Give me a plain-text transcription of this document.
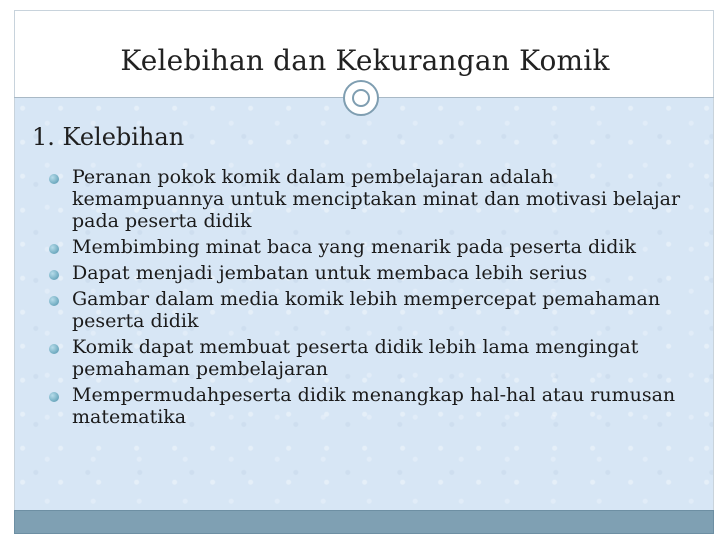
Kelebihan dan Kekurangan Komik
1. Kelebihan
Peranan pokok komik dalam pembelajaran adalah kemampuannya untuk menciptakan minat dan motivasi belajar pada peserta didik
Membimbing minat baca yang menarik pada peserta didik
Dapat menjadi jembatan untuk membaca lebih serius
Gambar dalam media komik lebih mempercepat pemahaman peserta didik
Komik dapat membuat peserta didik lebih lama mengingat pemahaman pembelajaran
Mempermudahpeserta didik menangkap hal-hal atau rumusan matematika
